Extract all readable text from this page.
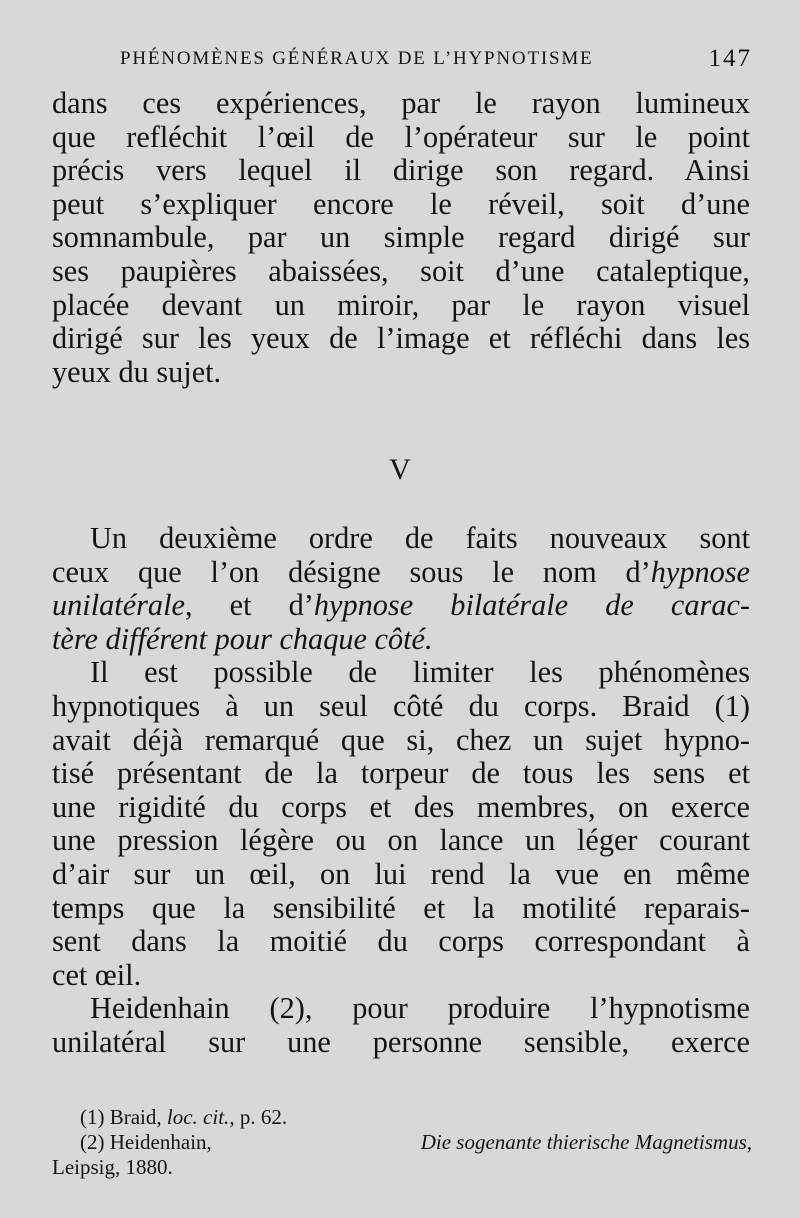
PHÉNOMÈNES GÉNÉRAUX DE L’HYPNOTISME	147
dans ces expériences, par le rayon lumineux
que refléchit l’œil de l’opérateur sur le point
précis vers lequel il dirige son regard. Ainsi
peut s’expliquer encore le réveil, soit d’une
somnambule, par un simple regard dirigé sur
ses paupières abaissées, soit d’une cataleptique,
placée devant un miroir, par le rayon visuel
dirigé sur les yeux de l’image et réfléchi dans les
yeux du sujet.
V
Un deuxième ordre de faits nouveaux sont
ceux que l’on désigne sous le nom d’hypnose
unilatérale, et d’hypnose bilatérale de carac-
tère différent pour chaque côté.
Il est possible de limiter les phénomènes
hypnotiques à un seul côté du corps. Braid (1)
avait déjà remarqué que si, chez un sujet hypno-
tisé présentant de la torpeur de tous les sens et
une rigidité du corps et des membres, on exerce
une pression légère ou on lance un léger courant
d’air sur un œil, on lui rend la vue en même
temps que la sensibilité et la motilité reparais-
sent dans la moitié du corps correspondant à
cet œil.
Heidenhain (2), pour produire l’hypnotisme
unilatéral sur une personne sensible, exerce
(1) Braid, loc. cit., p. 62.
(2) Heidenhain,	Die sogenante thierische Magnetismus,
Leipsig, 1880.
